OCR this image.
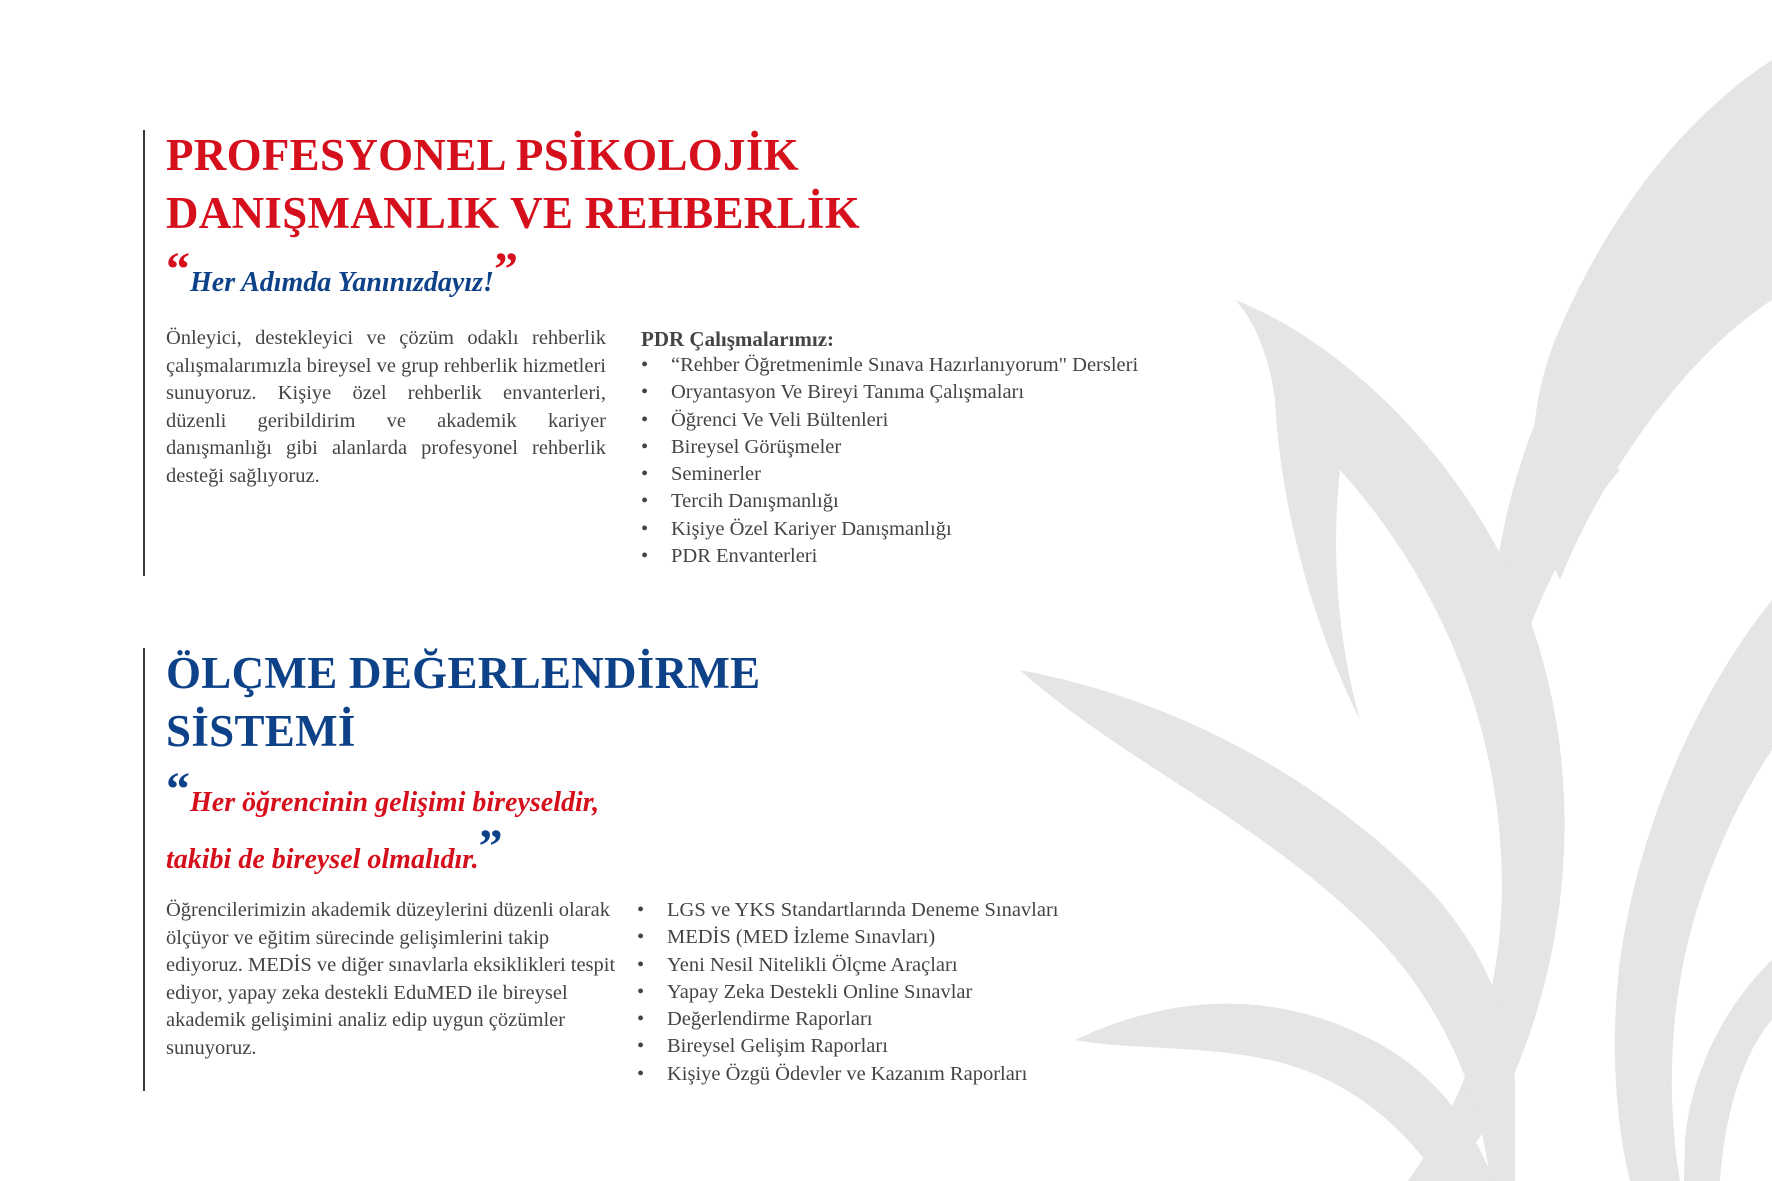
PROFESYONEL PSİKOLOJİK
DANIŞMANLIK VE REHBERLİK

“Her Adımda Yanınızdayız!”

Önleyici, destekleyici ve çözüm odaklı rehberlik çalışmalarımızla bireysel ve grup rehberlik hizmetleri sunuyoruz. Kişiye özel rehberlik envanterleri, düzenli geribildirim ve akademik kariyer danışmanlığı gibi alanlarda profesyonel rehberlik desteği sağlıyoruz.

PDR Çalışmalarımız:

• “Rehber Öğretmenimle Sınava Hazırlanıyorum" Dersleri
• Oryantasyon Ve Bireyi Tanıma Çalışmaları
• Öğrenci Ve Veli Bültenleri
• Bireysel Görüşmeler
• Seminerler
• Tercih Danışmanlığı
• Kişiye Özel Kariyer Danışmanlığı
• PDR Envanterleri
ÖLÇME DEĞERLENDİRME
SİSTEMİ

“Her öğrencinin gelişimi bireyseldir,
takibi de bireysel olmalıdır.”

Öğrencilerimizin akademik düzeylerini düzenli olarak ölçüyor ve eğitim sürecinde gelişimlerini takip ediyoruz. MEDİS ve diğer sınavlarla eksiklikleri tespit ediyor, yapay zeka destekli EduMED ile bireysel akademik gelişimini analiz edip uygun çözümler sunuyoruz.

• LGS ve YKS Standartlarında Deneme Sınavları
• MEDİS (MED İzleme Sınavları)
• Yeni Nesil Nitelikli Ölçme Araçları
• Yapay Zeka Destekli Online Sınavlar
• Değerlendirme Raporları
• Bireysel Gelişim Raporları
• Kişiye Özgü Ödevler ve Kazanım Raporları
